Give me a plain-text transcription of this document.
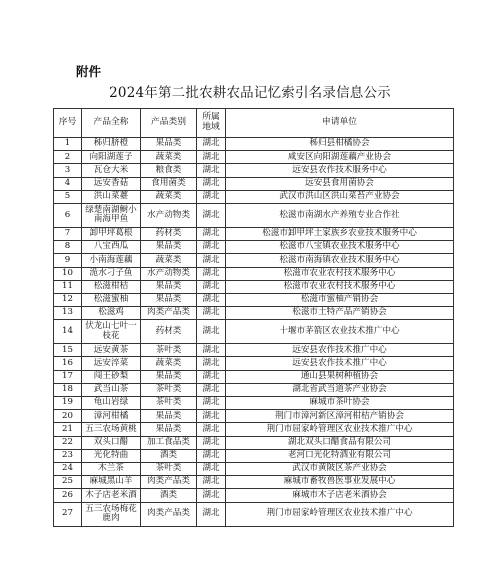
附件
2024年第二批农耕农品记忆索引名录信息公示
序号	产品全称	产品类别	所属地域	申请单位
1	秭归脐橙	果品类	湖北	秭归县柑橘协会
2	向阳湖莲子	蔬菜类	湖北	咸安区向阳湖莲藕产业协会
3	瓦仓大米	粮食类	湖北	远安县农作技术服务中心
4	远安香菇	食用菌类	湖北	远安县食用菌协会
5	洪山菜薹	蔬菜类	湖北	武汉市洪山区洪山菜苔产业协会
6	绿楚南湖鲥小南海甲鱼	水产动物类	湖北	松滋市南湖水产养殖专业合作社
7	卸甲坪葛根	药材类	湖北	松滋市卸甲坪土家族乡农业技术服务中心
8	八宝西瓜	果品类	湖北	松滋市八宝镇农业技术服务中心
9	小南海莲藕	蔬菜类	湖北	松滋市南海镇农业技术服务中心
10	洈水刁子鱼	水产动物类	湖北	松滋市农业农村技术服务中心
11	松滋柑桔	果品类	湖北	松滋市农业农村技术服务中心
12	松滋蜜柚	果品类	湖北	松滋市蜜柚产销协会
13	松滋鸡	肉类产品类	湖北	松滋市土特产品产销协会
14	伏龙山七叶一枝花	药材类	湖北	十堰市茅箭区农业技术推广中心
15	远安黄茶	茶叶类	湖北	远安县农作技术推广中心
16	远安淬菜	蔬菜类	湖北	远安县农作技术推广中心
17	闯王砂梨	果品类	湖北	通山县果树种植协会
18	武当山茶	茶叶类	湖北	湖北省武当道茶产业协会
19	龟山岩绿	茶叶类	湖北	麻城市茶叶协会
20	漳河柑橘	果品类	湖北	荆门市漳河新区漳河柑桔产销协会
21	五三农场黄桃	果品类	湖北	荆门市屈家岭管理区农业技术推广中心
22	双头口醋	加工食品类	湖北	湖北双头口醋食品有限公司
23	光化特曲	酒类	湖北	老河口光化特酒业有限公司
24	木兰茶	茶叶类	湖北	武汉市黄陂区茶产业协会
25	麻城黑山羊	肉类产品类	湖北	麻城市畜牧兽医事业发展中心
26	木子店老米酒	酒类	湖北	麻城市木子店老米酒协会
27	五三农场梅花鹿肉	肉类产品类	湖北	荆门市屈家岭管理区农业技术推广中心
